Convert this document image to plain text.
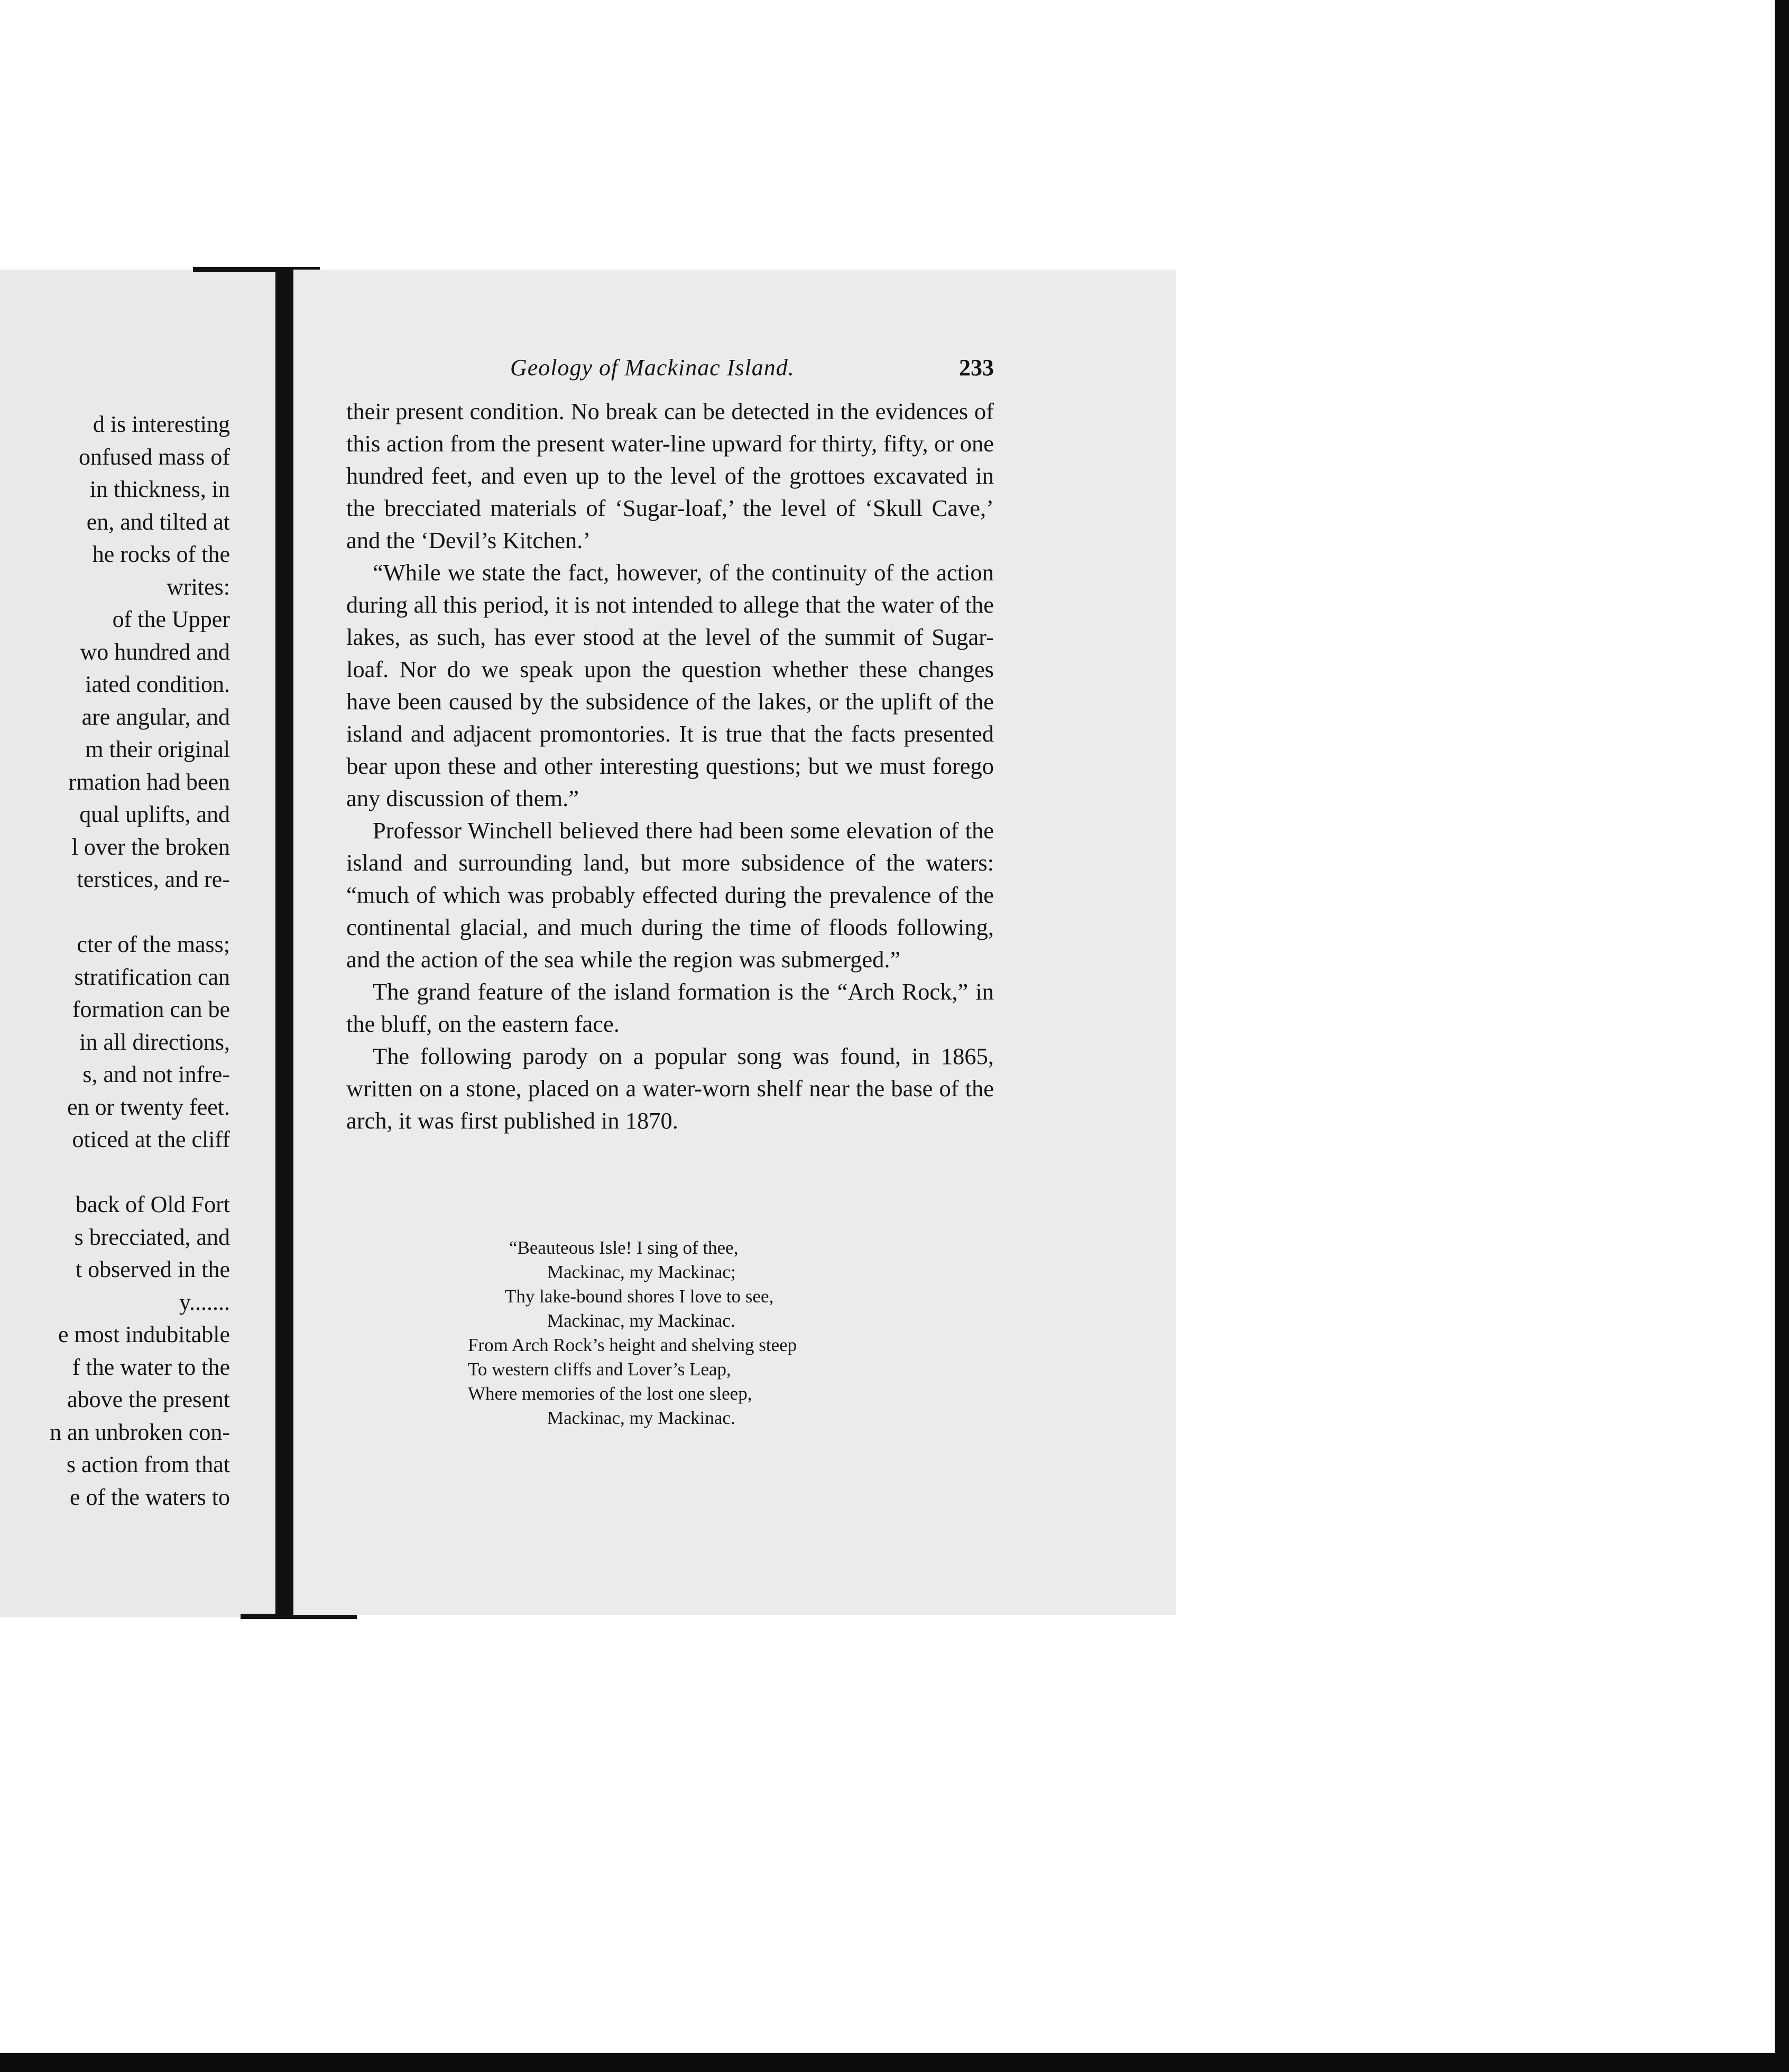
d is interesting
onfused mass of
in thickness, in
en, and tilted at
he rocks of the
writes:
of the Upper
wo hundred and
iated condition.
are angular, and
m their original
rmation had been
qual uplifts, and
l over the broken
terstices, and re-
cter of the mass;
stratification can
formation can be
in all directions,
s, and not infre-
en or twenty feet.
oticed at the cliff
back of Old Fort
s brecciated, and
t observed in the
y.......
e most indubitable
f the water to the
above the present
n an unbroken con-
s action from that
e of the waters to
Geology of Mackinac Island.	233

their present condition. No break can be detected in the evidences of this action from the present water-line upward for thirty, fifty, or one hundred feet, and even up to the level of the grottoes excavated in the brecciated materials of ‘Sugar-loaf,’ the level of ‘Skull Cave,’ and the ‘Devil’s Kitchen.’

“While we state the fact, however, of the continuity of the action during all this period, it is not intended to allege that the water of the lakes, as such, has ever stood at the level of the summit of Sugar-loaf. Nor do we speak upon the question whether these changes have been caused by the subsidence of the lakes, or the uplift of the island and adjacent promontories. It is true that the facts presented bear upon these and other interesting questions; but we must forego any discussion of them.”

Professor Winchell believed there had been some elevation of the island and surrounding land, but more subsidence of the waters: “much of which was probably effected during the prevalence of the continental glacial, and much during the time of floods following, and the action of the sea while the region was submerged.”

The grand feature of the island formation is the “Arch Rock,” in the bluff, on the eastern face.

The following parody on a popular song was found, in 1865, written on a stone, placed on a water-worn shelf near the base of the arch, it was first published in 1870.

“Beauteous Isle! I sing of thee,
Mackinac, my Mackinac;
Thy lake-bound shores I love to see,
Mackinac, my Mackinac.
From Arch Rock’s height and shelving steep
To western cliffs and Lover’s Leap,
Where memories of the lost one sleep,
Mackinac, my Mackinac.
